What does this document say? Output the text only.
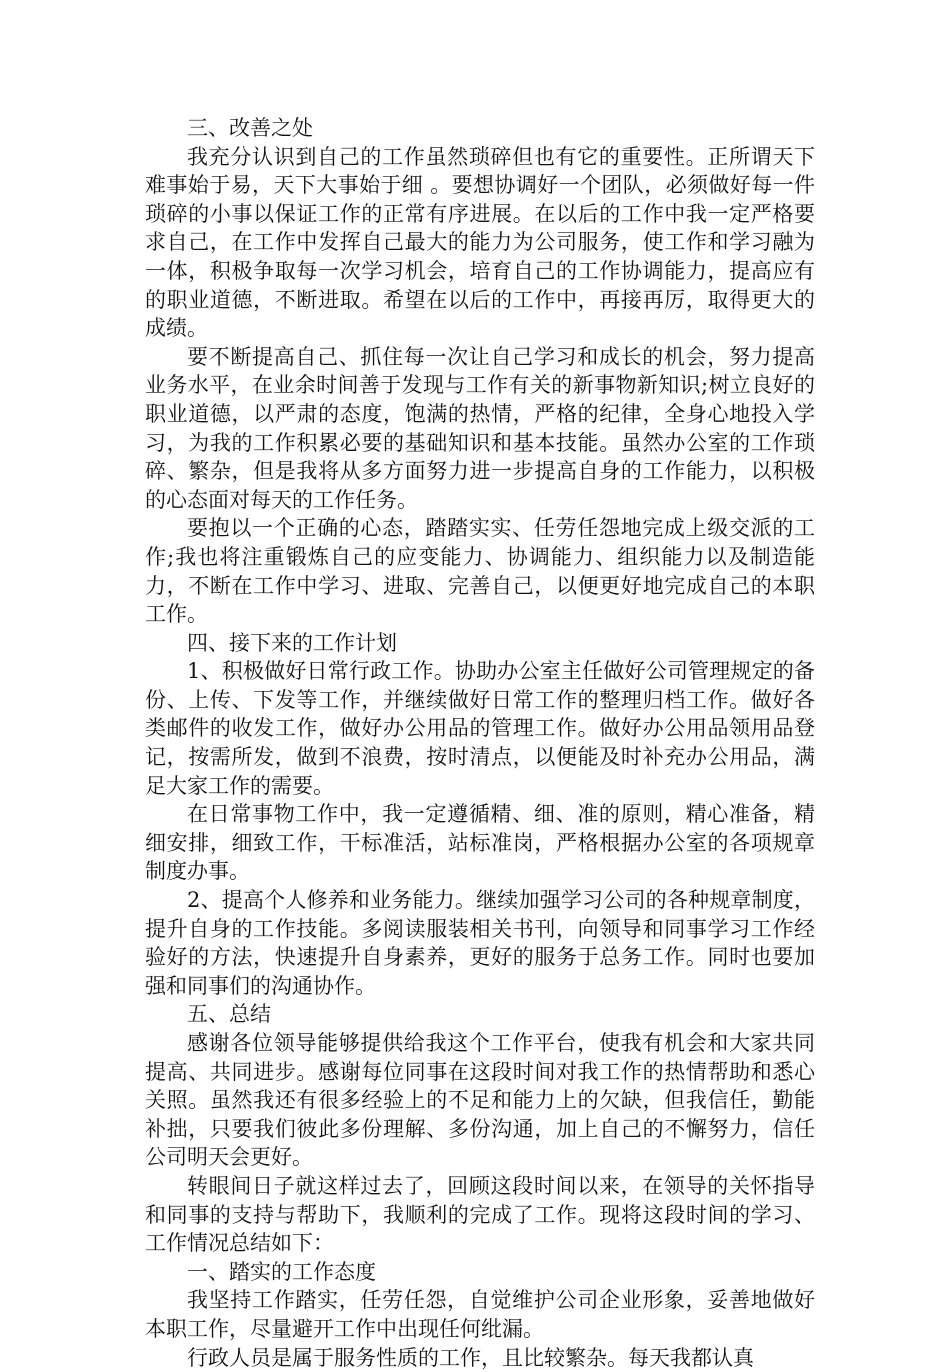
三、改善之处

我充分认识到自己的工作虽然琐碎但也有它的重要性。正所谓天下难事始于易，天下大事始于细 。要想协调好一个团队，必须做好每一件琐碎的小事以保证工作的正常有序进展。在以后的工作中我一定严格要求自己，在工作中发挥自己最大的能力为公司服务，使工作和学习融为一体，积极争取每一次学习机会，培育自己的工作协调能力，提高应有的职业道德，不断进取。希望在以后的工作中，再接再厉，取得更大的成绩。

要不断提高自己、抓住每一次让自己学习和成长的机会，努力提高业务水平，在业余时间善于发现与工作有关的新事物新知识;树立良好的职业道德，以严肃的态度，饱满的热情，严格的纪律，全身心地投入学习，为我的工作积累必要的基础知识和基本技能。虽然办公室的工作琐碎、繁杂，但是我将从多方面努力进一步提高自身的工作能力，以积极的心态面对每天的工作任务。

要抱以一个正确的心态，踏踏实实、任劳任怨地完成上级交派的工作;我也将注重锻炼自己的应变能力、协调能力、组织能力以及制造能力，不断在工作中学习、进取、完善自己，以便更好地完成自己的本职工作。

四、接下来的工作计划

1、积极做好日常行政工作。协助办公室主任做好公司管理规定的备份、上传、下发等工作，并继续做好日常工作的整理归档工作。做好各类邮件的收发工作，做好办公用品的管理工作。做好办公用品领用品登记，按需所发，做到不浪费，按时清点，以便能及时补充办公用品，满足大家工作的需要。

在日常事物工作中，我一定遵循精、细、准的原则，精心准备，精细安排，细致工作，干标准活，站标准岗，严格根据办公室的各项规章制度办事。

2、提高个人修养和业务能力。继续加强学习公司的各种规章制度，提升自身的工作技能。多阅读服装相关书刊，向领导和同事学习工作经验好的方法，快速提升自身素养，更好的服务于总务工作。同时也要加强和同事们的沟通协作。

五、总结

感谢各位领导能够提供给我这个工作平台，使我有机会和大家共同提高、共同进步。感谢每位同事在这段时间对我工作的热情帮助和悉心关照。虽然我还有很多经验上的不足和能力上的欠缺，但我信任，勤能补拙，只要我们彼此多份理解、多份沟通，加上自己的不懈努力，信任公司明天会更好。

转眼间日子就这样过去了，回顾这段时间以来，在领导的关怀指导和同事的支持与帮助下，我顺利的完成了工作。现将这段时间的学习、工作情况总结如下：

一、踏实的工作态度

我坚持工作踏实，任劳任怨，自觉维护公司企业形象，妥善地做好本职工作，尽量避开工作中出现任何纰漏。

行政人员是属于服务性质的工作，且比较繁杂。每天我都认真
